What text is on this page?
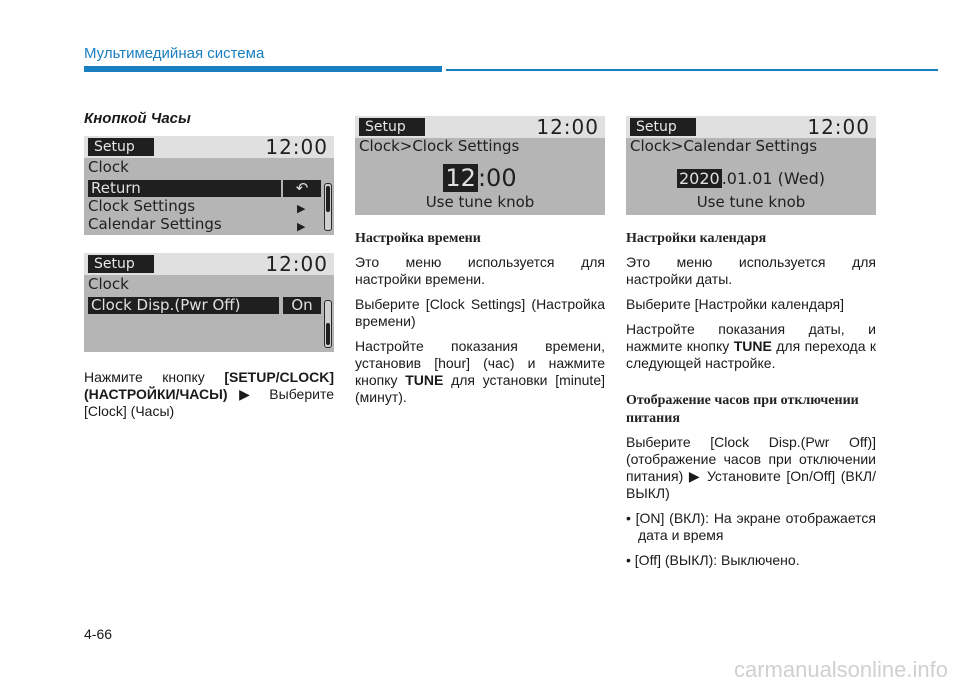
Мультимедийная система
Кнопкой Часы
Setup	12:00
Clock
Return	↶
Clock Settings	▶
Calendar Settings	▶
Setup	12:00
Clock
Clock Disp.(Pwr Off)	On

Нажмите кнопку [SETUP/CLOCK] (НАСТРОЙКИ/ЧАСЫ) ▶ Выберите [Clock] (Часы)

Setup	12:00
Clock>Clock Settings
12:00
Use tune knob
Настройка времени

Это меню используется для настройки времени.

Выберите [Clock Settings] (Настройка времени)

Настройте показания времени, установив [hour] (час) и нажмите кнопку TUNE для установки [minute] (минут).

Setup	12:00
Clock>Calendar Settings
2020 .01.01 (Wed)
Use tune knob
Настройки календаря

Это меню используется для настройки даты.

Выберите [Настройки календаря]

Настройте показания даты, и нажмите кнопку TUNE для перехода к следующей настройке.

Отображение часов при отключении питания

Выберите [Clock Disp.(Pwr Off)] (отображение часов при отключении питания) ▶ Установите [On/Off] (ВКЛ/ВЫКЛ)

• [ON] (ВКЛ): На экране отображается дата и время

• [Off] (ВЫКЛ): Выключено.

4-66
carmanualsonline.info
